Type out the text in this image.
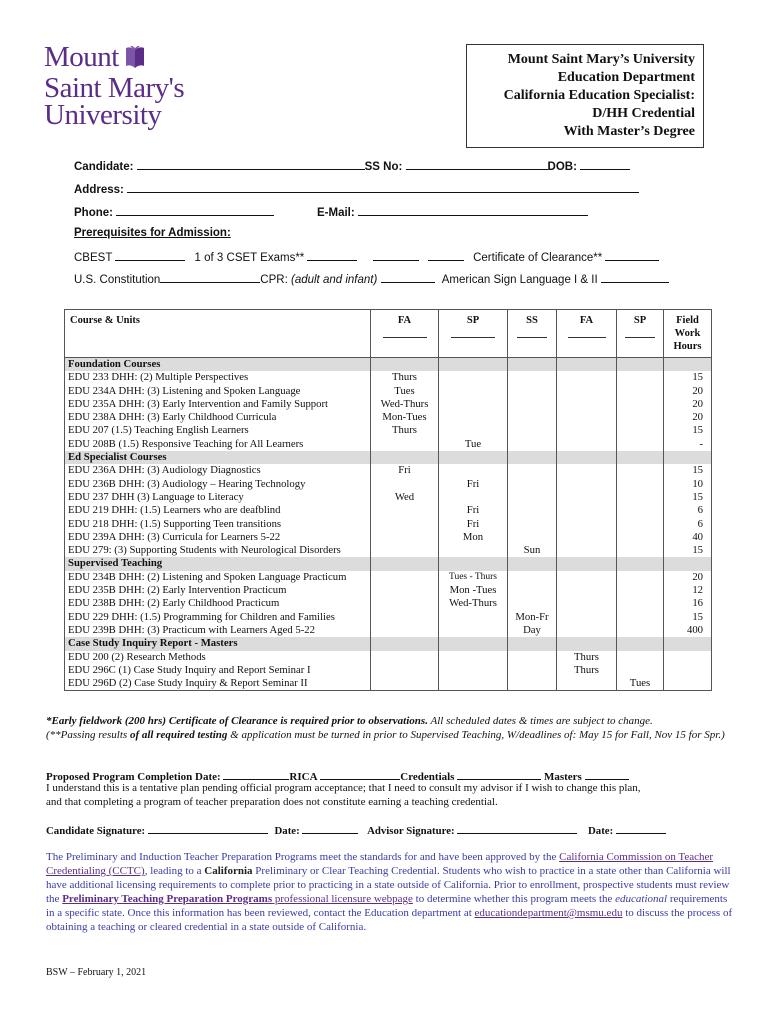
Mount
Saint Mary's
University
Mount Saint Mary’s University
Education Department
California Education Specialist:
D/HH Credential
With Master’s Degree
Candidate:	SS No:	DOB:
Address:
Phone:	E-Mail:
Prerequisites for Admission:
CBEST	1 of 3 CSET Exams**	Certificate of Clearance**
U.S. Constitution	CPR: (adult and infant)	American Sign Language I & II
Course & Units	FA	SP	SS	FA	SP	Field
Work
Hours

Foundation Courses						
EDU 233 DHH: (2) Multiple Perspectives	Thurs					15
EDU 234A DHH: (3) Listening and Spoken Language	Tues					20
EDU 235A DHH: (3) Early Intervention and Family Support	Wed-Thurs					20
EDU 238A DHH: (3) Early Childhood Curricula	Mon-Tues					20
EDU 207 (1.5) Teaching English Learners	Thurs					15
EDU 208B (1.5) Responsive Teaching for All Learners		Tue				-
Ed Specialist Courses						
EDU 236A DHH: (3) Audiology Diagnostics	Fri					15
EDU 236B DHH: (3) Audiology – Hearing Technology		Fri				10
EDU 237 DHH (3) Language to Literacy	Wed					15
EDU 219 DHH: (1.5) Learners who are deafblind		Fri				6
EDU 218 DHH: (1.5) Supporting Teen transitions		Fri				6
EDU 239A DHH: (3) Curricula for Learners 5-22		Mon				40
EDU 279: (3) Supporting Students with Neurological Disorders			Sun			15
Supervised Teaching						
EDU 234B DHH: (2) Listening and Spoken Language Practicum		Tues - Thurs				20
EDU 235B DHH: (2) Early Intervention Practicum		Mon -Tues				12
EDU 238B DHH: (2) Early Childhood Practicum		Wed-Thurs				16
EDU 229 DHH: (1.5) Programming for Children and Families			Mon-Fr			15
EDU 239B DHH: (3) Practicum with Learners Aged 5-22			Day			400
Case Study Inquiry Report - Masters						
EDU 200 (2) Research Methods				Thurs		
EDU 296C (1) Case Study Inquiry and Report Seminar I				Thurs		
EDU 296D (2) Case Study Inquiry & Report Seminar II					Tues	
*Early fieldwork (200 hrs) Certificate of Clearance is required prior to observations. All scheduled dates & times are subject to change.
(**Passing results of all required testing & application must be turned in prior to Supervised Teaching, W/deadlines of: May 15 for Fall, Nov 15 for Spr.)
Proposed Program Completion Date:	RICA	Credentials	Masters
I understand this is a tentative plan pending official program acceptance; that I need to consult my advisor if I wish to change this plan,
and that completing a program of teacher preparation does not constitute earning a teaching credential.
Candidate Signature:	Date:	Advisor Signature:	Date:
The Preliminary and Induction Teacher Preparation Programs meet the standards for and have been approved by the California Commission on Teacher Credentialing (CCTC), leading to a California Preliminary or Clear Teaching Credential. Students who wish to practice in a state other than California will have additional licensing requirements to complete prior to practicing in a state outside of California. Prior to enrollment, prospective students must review the Preliminary Teaching Preparation Programs professional licensure webpage to determine whether this program meets the educational requirements in a specific state. Once this information has been reviewed, contact the Education department at educationdepartment@msmu.edu to discuss the process of obtaining a teaching or cleared credential in a state outside of California.
BSW – February 1, 2021
